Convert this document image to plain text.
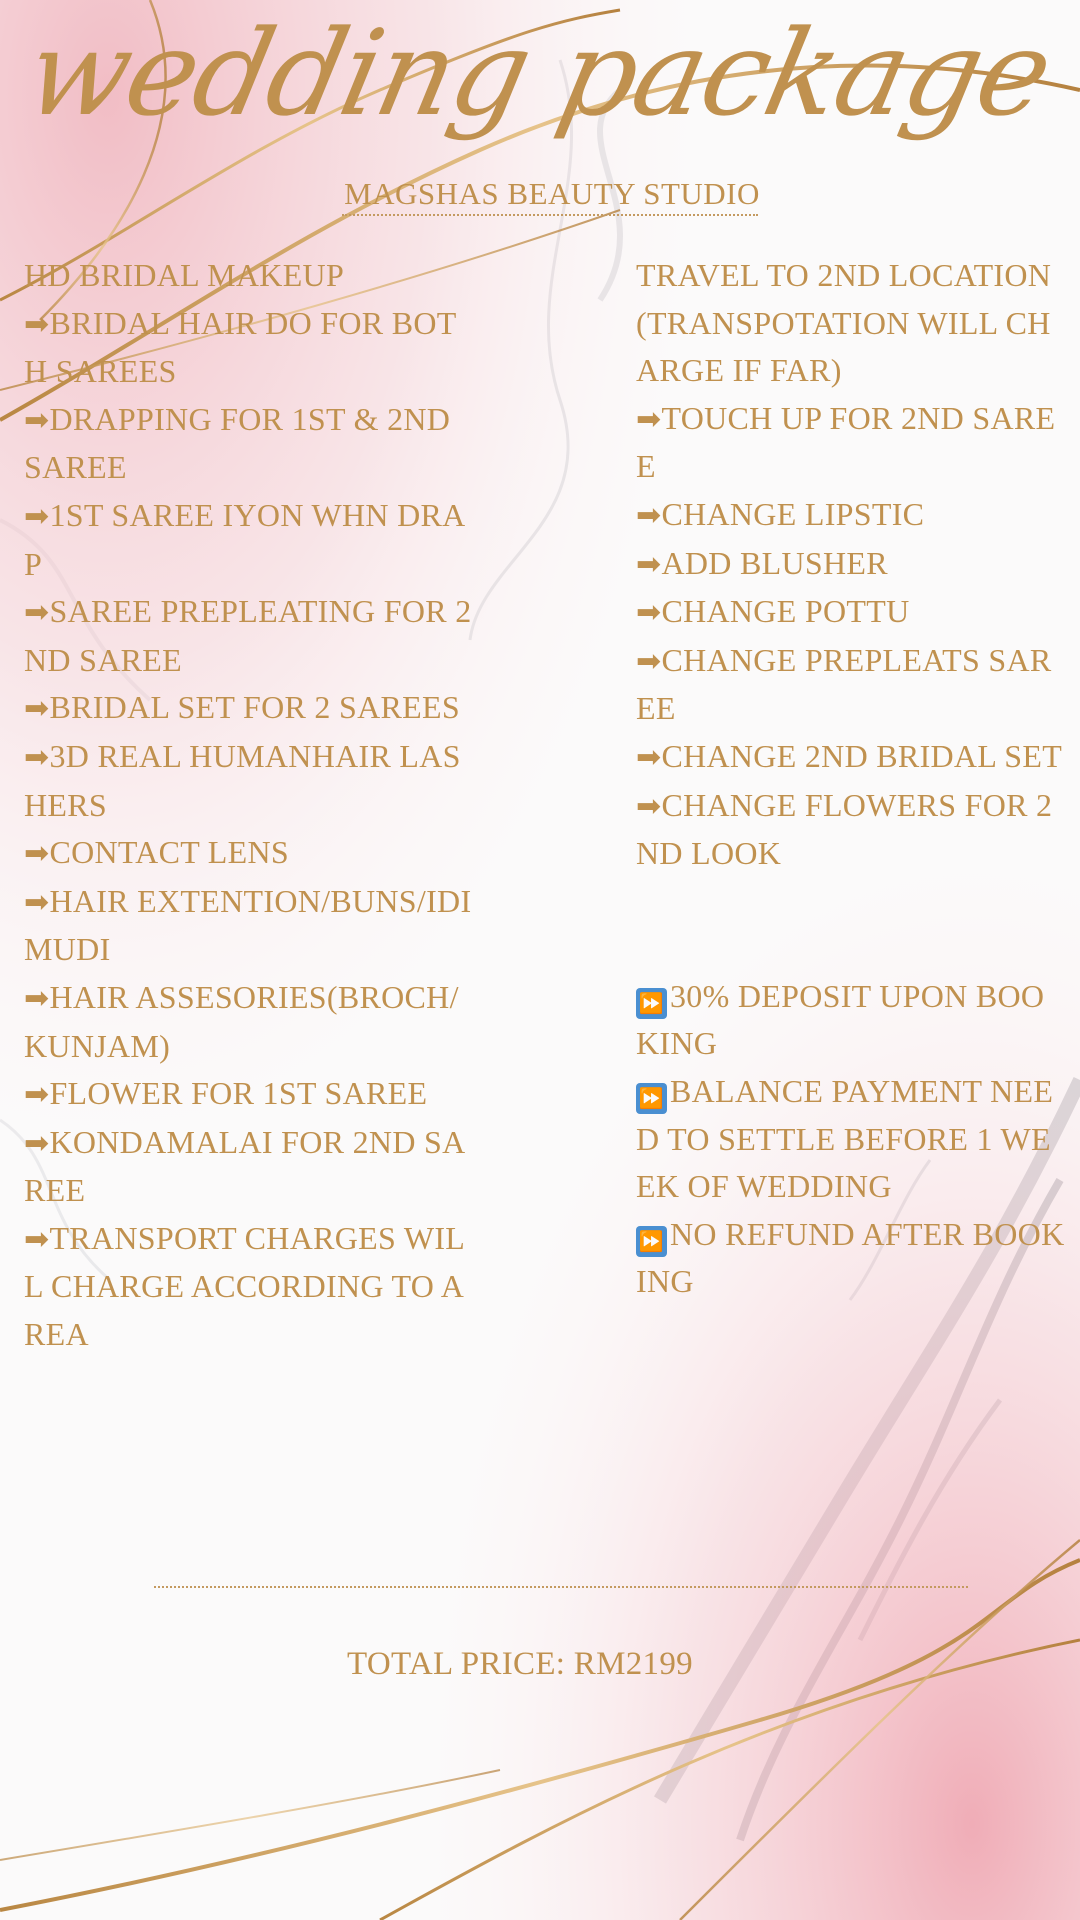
wedding package
MAGSHAS BEAUTY STUDIO
HD BRIDAL MAKEUP
➡BRIDAL HAIR DO FOR BOTH SAREES
➡DRAPPING FOR 1ST & 2ND SAREE
➡1ST SAREE IYON WHN DRAP
➡SAREE PREPLEATING FOR 2ND SAREE
➡BRIDAL SET FOR 2 SAREES
➡3D REAL HUMANHAIR LASHERS
➡CONTACT LENS
➡HAIR EXTENTION/BUNS/IDIMUDI
➡HAIR ASSESORIES(BROCH/KUNJAM)
➡FLOWER FOR 1ST SAREE
➡KONDAMALAI FOR 2ND SAREE
➡TRANSPORT CHARGES WILL CHARGE ACCORDING TO AREA
TRAVEL TO 2ND LOCATION (TRANSPOTATION WILL CHARGE IF FAR)
➡TOUCH UP FOR 2ND SAREE
➡CHANGE LIPSTIC
➡ADD BLUSHER
➡CHANGE POTTU
➡CHANGE PREPLEATS SAREE
➡CHANGE 2ND BRIDAL SET
➡CHANGE FLOWERS FOR 2ND LOOK
⏩ 30% DEPOSIT UPON BOOKING
⏩ BALANCE PAYMENT NEED TO SETTLE BEFORE 1 WEEK OF WEDDING
⏩ NO REFUND AFTER BOOKING
TOTAL PRICE: RM2199
